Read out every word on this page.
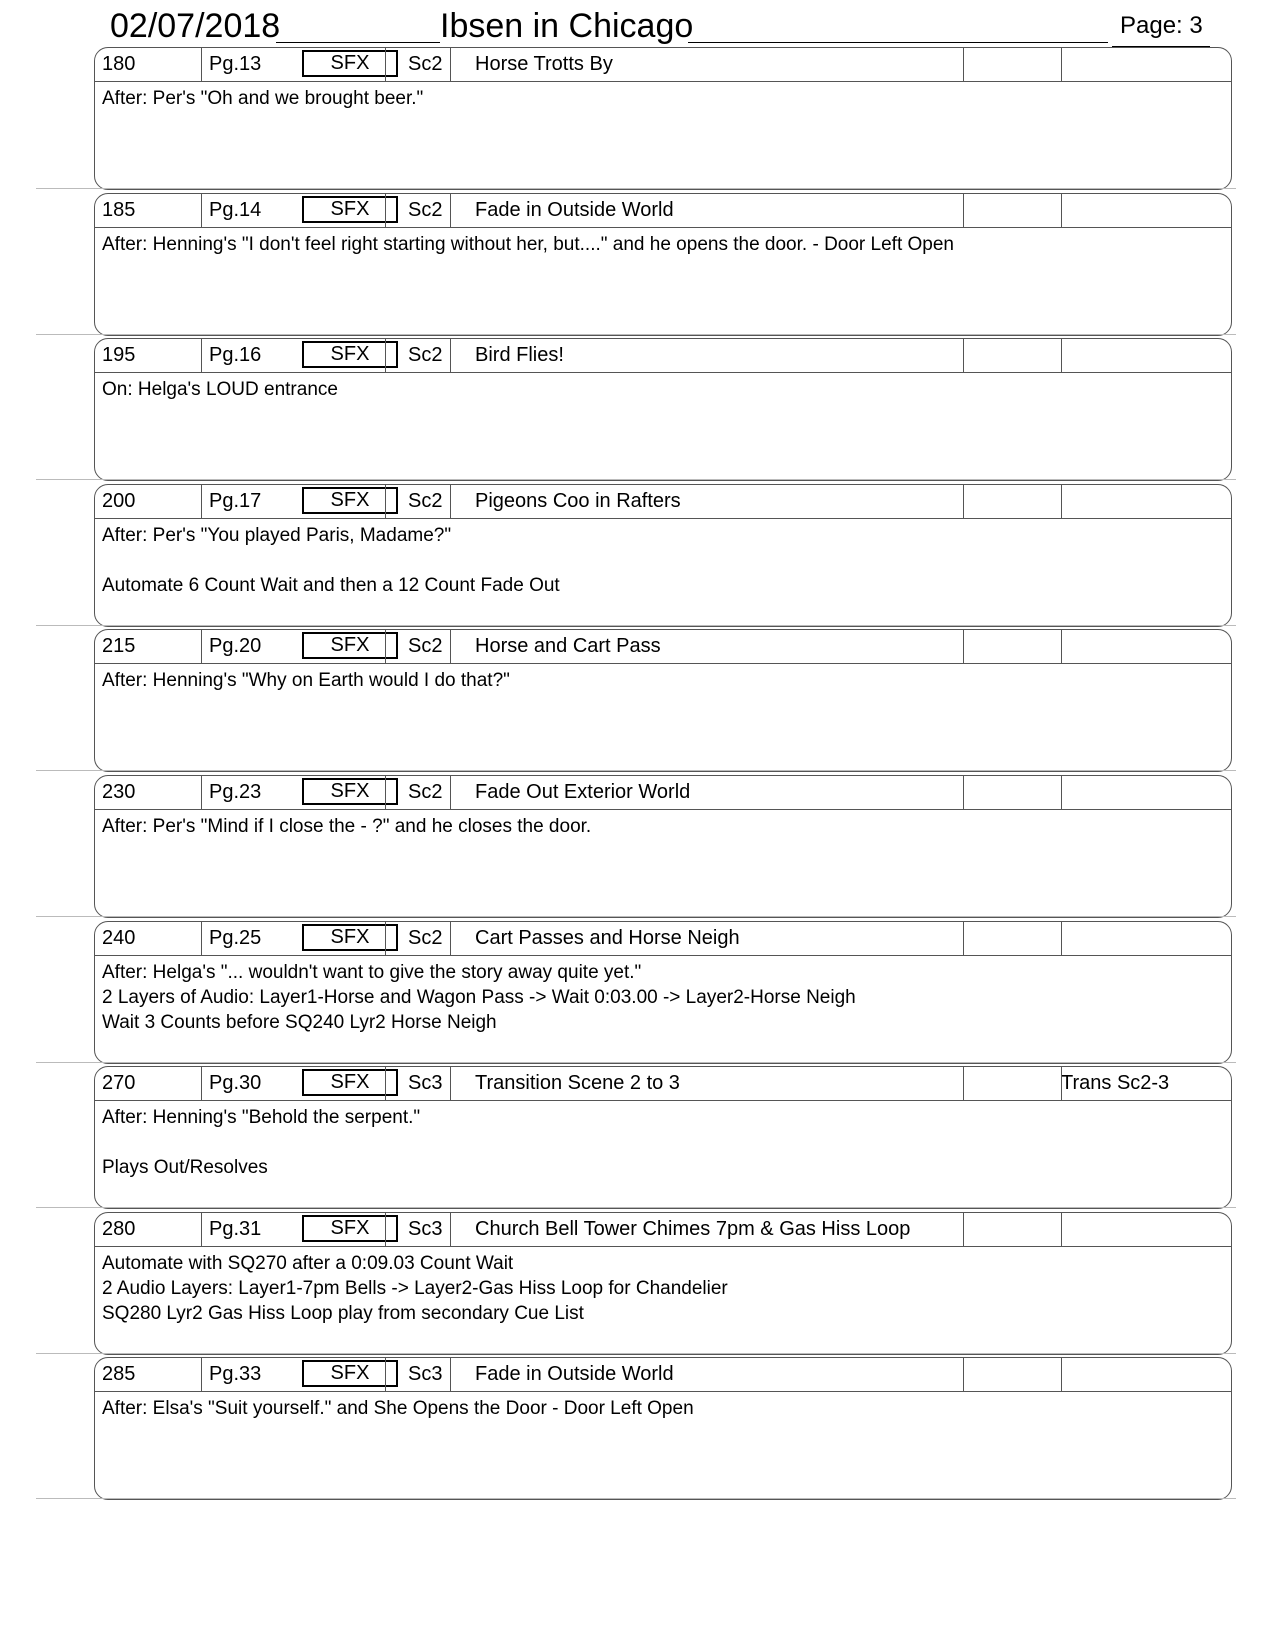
02/07/2018	Ibsen in Chicago	Page: 3
180	Pg.13	SFX	Sc2 Horse Trotts By
After: Per's "Oh and we brought beer."
185	Pg.14	SFX	Sc2 Fade in Outside World
After: Henning's "I don't feel right starting without her, but...." and he opens the door. - Door Left Open
195	Pg.16	SFX	Sc2 Bird Flies!
On: Helga's LOUD entrance
200	Pg.17	SFX	Sc2 Pigeons Coo in Rafters
After: Per's "You played Paris, Madame?"
Automate 6 Count Wait and then a 12 Count Fade Out
215	Pg.20	SFX	Sc2 Horse and Cart Pass
After: Henning's "Why on Earth would I do that?"
230	Pg.23	SFX	Sc2 Fade Out Exterior World
After: Per's "Mind if I close the - ?" and he closes the door.
240	Pg.25	SFX	Sc2 Cart Passes and Horse Neigh
After: Helga's "... wouldn't want to give the story away quite yet."
2 Layers of Audio: Layer1-Horse and Wagon Pass -> Wait 0:03.00 -> Layer2-Horse Neigh
Wait 3 Counts before SQ240 Lyr2 Horse Neigh
270	Pg.30	SFX	Sc3 Transition Scene 2 to 3	Trans Sc2-3
After: Henning's "Behold the serpent."
Plays Out/Resolves
280	Pg.31	SFX	Sc3 Church Bell Tower Chimes 7pm & Gas Hiss Loop
Automate with SQ270 after a 0:09.03 Count Wait
2 Audio Layers: Layer1-7pm Bells -> Layer2-Gas Hiss Loop for Chandelier
SQ280 Lyr2 Gas Hiss Loop play from secondary Cue List
285	Pg.33	SFX	Sc3 Fade in Outside World
After: Elsa's "Suit yourself." and She Opens the Door - Door Left Open
